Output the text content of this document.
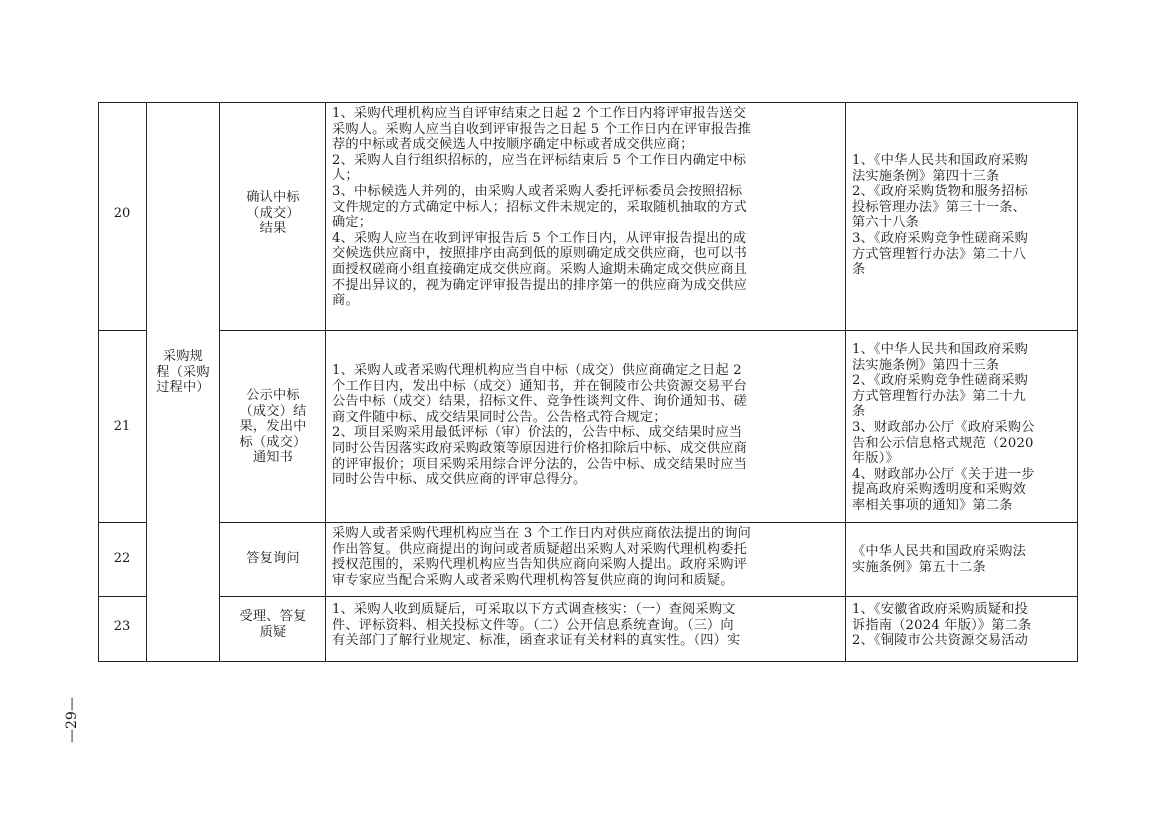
采购规
程（采购
过程中）
20
确认中标
（成交）
结果
1、采购代理机构应当自评审结束之日起 2 个工作日内将评审报告送交
采购人。采购人应当自收到评审报告之日起 5 个工作日内在评审报告推
荐的中标或者成交候选人中按顺序确定中标或者成交供应商；
2、采购人自行组织招标的，应当在评标结束后 5 个工作日内确定中标
人；
3、中标候选人并列的，由采购人或者采购人委托评标委员会按照招标
文件规定的方式确定中标人；招标文件未规定的，采取随机抽取的方式
确定；
4、采购人应当在收到评审报告后 5 个工作日内，从评审报告提出的成
交候选供应商中，按照排序由高到低的原则确定成交供应商，也可以书
面授权磋商小组直接确定成交供应商。采购人逾期未确定成交供应商且
不提出异议的，视为确定评审报告提出的排序第一的供应商为成交供应
商。
1、《中华人民共和国政府采购
法实施条例》第四十三条
2、《政府采购货物和服务招标
投标管理办法》第三十一条、
第六十八条
3、《政府采购竞争性磋商采购
方式管理暂行办法》第二十八
条
21
公示中标
（成交）结
果，发出中
标（成交）
通知书
1、采购人或者采购代理机构应当自中标（成交）供应商确定之日起 2
个工作日内，发出中标（成交）通知书，并在铜陵市公共资源交易平台
公告中标（成交）结果，招标文件、竞争性谈判文件、询价通知书、磋
商文件随中标、成交结果同时公告。公告格式符合规定；
2、项目采购采用最低评标（审）价法的，公告中标、成交结果时应当
同时公告因落实政府采购政策等原因进行价格扣除后中标、成交供应商
的评审报价；项目采购采用综合评分法的，公告中标、成交结果时应当
同时公告中标、成交供应商的评审总得分。
1、《中华人民共和国政府采购
法实施条例》第四十三条
2、《政府采购竞争性磋商采购
方式管理暂行办法》第二十九
条
3、财政部办公厅《政府采购公
告和公示信息格式规范（2020
年版）》
4、财政部办公厅《关于进一步
提高政府采购透明度和采购效
率相关事项的通知》第二条
22	答复询问
采购人或者采购代理机构应当在 3 个工作日内对供应商依法提出的询问
作出答复。供应商提出的询问或者质疑超出采购人对采购代理机构委托
授权范围的，采购代理机构应当告知供应商向采购人提出。政府采购评
审专家应当配合采购人或者采购代理机构答复供应商的询问和质疑。
《中华人民共和国政府采购法
实施条例》第五十二条
23
受理、答复
质疑
1、采购人收到质疑后，可采取以下方式调查核实：（一）查阅采购文
件、评标资料、相关投标文件等。（二）公开信息系统查询。（三）向
有关部门了解行业规定、标准，函查求证有关材料的真实性。（四）实
1、《安徽省政府采购质疑和投
诉指南（2024 年版）》第二条
2、《铜陵市公共资源交易活动
—29—
